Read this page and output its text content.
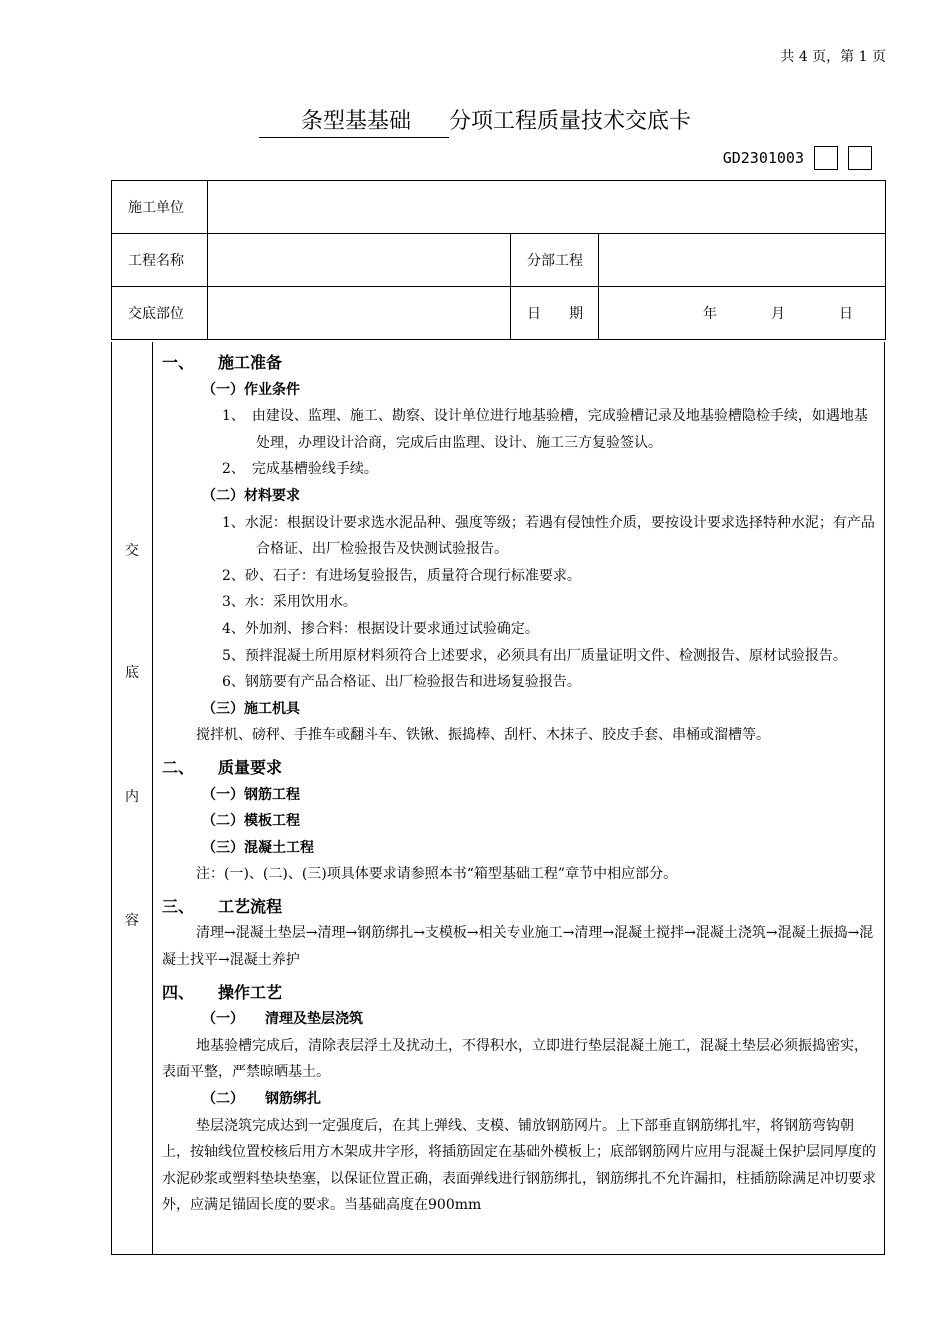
共 4 页，第 1 页
条型基基础 分项工程质量技术交底卡
GD2301003
施工单位			
工程名称		分部工程	
交底部位		日　　期	年 月 日
交
底
内
容

一、 施工准备

（一）作业条件

1、　由建设、监理、施工、勘察、设计单位进行地基验槽，完成验槽记录及地基验槽隐检手续，如遇地基处理，办理设计洽商，完成后由监理、设计、施工三方复验签认。

2、　完成基槽验线手续。

（二）材料要求

1、水泥：根据设计要求选水泥品种、强度等级；若遇有侵蚀性介质，要按设计要求选择特种水泥；有产品合格证、出厂检验报告及快测试验报告。

2、砂、石子：有进场复验报告，质量符合现行标准要求。

3、水：采用饮用水。

4、外加剂、掺合料：根据设计要求通过试验确定。

5、预拌混凝土所用原材料须符合上述要求，必须具有出厂质量证明文件、检测报告、原材试验报告。

6、钢筋要有产品合格证、出厂检验报告和进场复验报告。

（三）施工机具

搅拌机、磅秤、手推车或翻斗车、铁锹、振捣棒、刮杆、木抹子、胶皮手套、串桶或溜槽等。

二、 质量要求

（一）钢筋工程

（二）模板工程

（三）混凝土工程

注：(一)、(二)、(三)项具体要求请参照本书“箱型基础工程”章节中相应部分。

三、 工艺流程

清理→混凝土垫层→清理→钢筋绑扎→支模板→相关专业施工→清理→混凝土搅拌→混凝土浇筑→混凝土振捣→混凝土找平→混凝土养护

四、 操作工艺

（一）　　清理及垫层浇筑

地基验槽完成后，清除表层浮土及扰动土，不得积水，立即进行垫层混凝土施工，混凝土垫层必须振捣密实，表面平整，严禁晾晒基土。

（二）　　钢筋绑扎

垫层浇筑完成达到一定强度后，在其上弹线、支模、铺放钢筋网片。上下部垂直钢筋绑扎牢，将钢筋弯钩朝上，按轴线位置校核后用方木架成井字形，将插筋固定在基础外模板上；底部钢筋网片应用与混凝土保护层同厚度的水泥砂浆或塑料垫块垫塞，以保证位置正确，表面弹线进行钢筋绑扎，钢筋绑扎不允许漏扣，柱插筋除满足冲切要求外，应满足锚固长度的要求。当基础高度在900mm
